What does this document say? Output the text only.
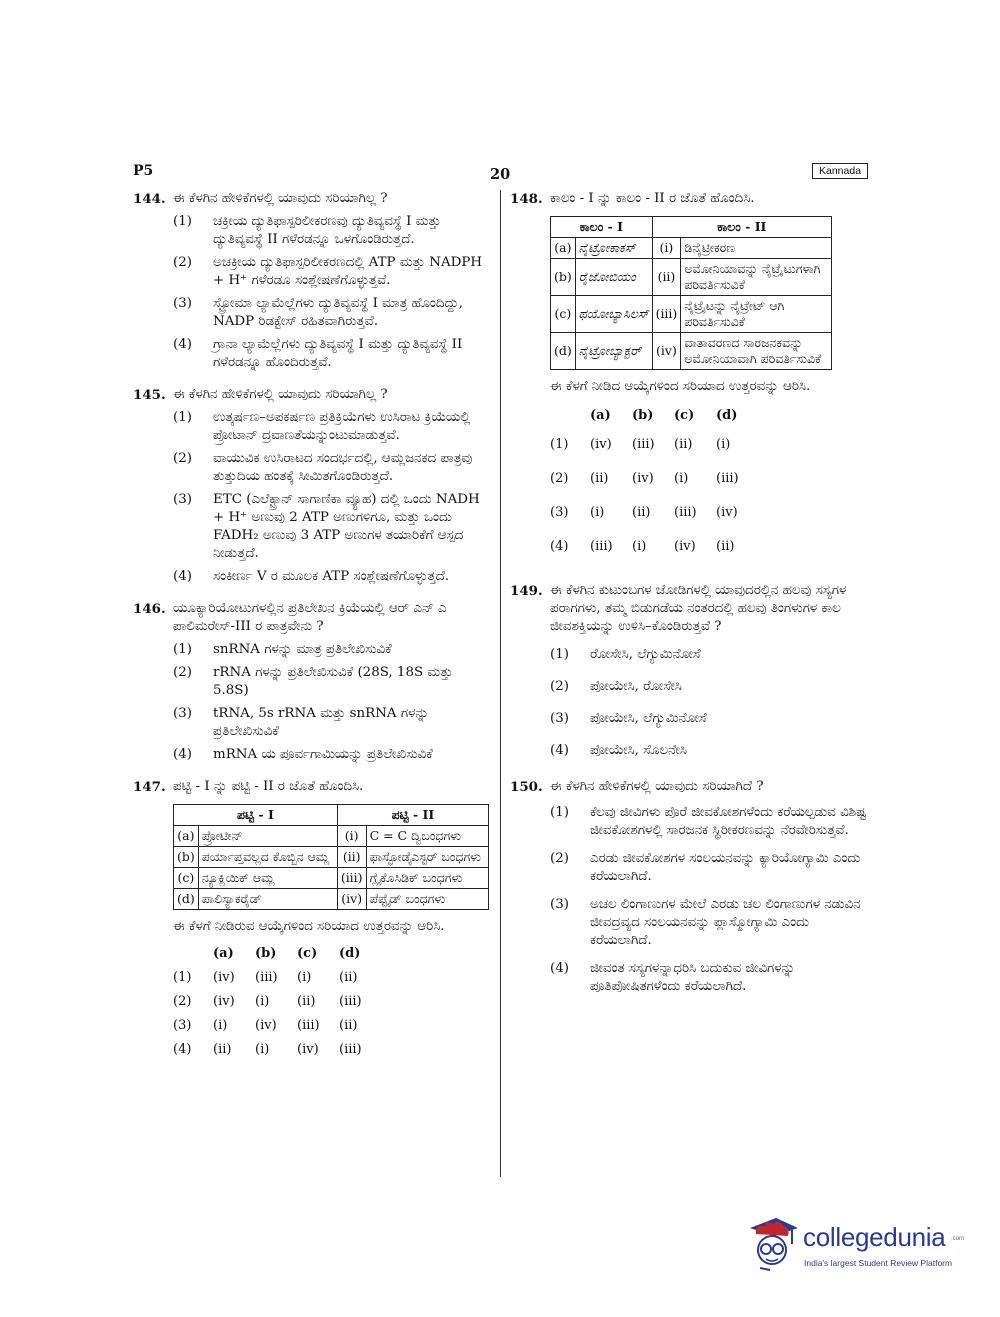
P5	20	Kannada
144. ಈ ಕೆಳಗಿನ ಹೇಳಿಕೆಗಳಲ್ಲಿ ಯಾವುದು ಸರಿಯಾಗಿಲ್ಲ ?
(1) ಚಕ್ರೀಯ ದ್ಯುತಿಫಾಸ್ಪರಿಲೀಕರಣವು ದ್ಯುತಿವ್ಯವಸ್ಥೆ I ಮತ್ತು ದ್ಯುತಿವ್ಯವಸ್ಥೆ II ಗಳೆರಡನ್ನೂ ಒಳಗೊಂಡಿರುತ್ತದೆ.
(2) ಅಚಕ್ರೀಯ ದ್ಯುತಿಫಾಸ್ಪರಿಲೀಕರಣದಲ್ಲಿ ATP ಮತ್ತು NADPH + H⁺ ಗಳೆರಡೂ ಸಂಶ್ಲೇಷಣೆಗೊಳ್ಳುತ್ತವೆ.
(3) ಸ್ಟ್ರೋಮಾ ಲ್ಯಾಮೆಲ್ಲೆಗಳು ದ್ಯುತಿವ್ಯವಸ್ಥೆ I ಮಾತ್ರ ಹೊಂದಿದ್ದು, NADP ರಿಡಕ್ಟೇಸ್ ರಹಿತವಾಗಿರುತ್ತವೆ.
(4) ಗ್ರಾನಾ ಲ್ಯಾಮೆಲ್ಲೆಗಳು ದ್ಯುತಿವ್ಯವಸ್ಥೆ I ಮತ್ತು ದ್ಯುತಿವ್ಯವಸ್ಥೆ II ಗಳೆರಡನ್ನೂ ಹೊಂದಿರುತ್ತವೆ.
145. ಈ ಕೆಳಗಿನ ಹೇಳಿಕೆಗಳಲ್ಲಿ ಯಾವುದು ಸರಿಯಾಗಿಲ್ಲ ?
(1) ಉತ್ಕರ್ಷಣ–ಅಪಕರ್ಷಣ ಪ್ರತಿಕ್ರಿಯೆಗಳು ಉಸಿರಾಟ ಕ್ರಿಯೆಯಲ್ಲಿ ಪ್ರೋಟಾನ್ ದ್ರವಾಣತೆಯನ್ನುಂಟುಮಾಡುತ್ತವೆ.
(2) ವಾಯುವಿಕ ಉಸಿರಾಟದ ಸಂದರ್ಭದಲ್ಲಿ, ಆಮ್ಲಜನಕದ ಪಾತ್ರವು ತುತ್ತುದಿಯ ಹಂತಕ್ಕೆ ಸೀಮಿತಗೊಂಡಿರುತ್ತದೆ.
(3) ETC (ಎಲೆಕ್ಟ್ರಾನ್ ಸಾಗಾಣಿಕಾ ವ್ಯೂಹ) ದಲ್ಲಿ ಒಂದು NADH + H⁺ ಅಣುವು 2 ATP ಅಣುಗಳಿಗೂ, ಮತ್ತು ಒಂದು FADH₂ ಅಣುವು 3 ATP ಅಣುಗಳ ತಯಾರಿಕೆಗೆ ಆಸ್ಪದ ನೀಡುತ್ತದೆ.
(4) ಸಂಕೀರ್ಣ V ರ ಮೂಲಕ ATP ಸಂಶ್ಲೇಷಣೆಗೊಳ್ಳುತ್ತದೆ.
146. ಯೂಕ್ಯಾರಿಯೋಟುಗಳಲ್ಲಿನ ಪ್ರತಿಲೇಖನ ಕ್ರಿಯೆಯಲ್ಲಿ ಆರ್ ಎನ್ ಎ ಪಾಲಿಮರೇಸ್-III ರ ಪಾತ್ರವೇನು ?
(1) snRNA ಗಳನ್ನು ಮಾತ್ರ ಪ್ರತಿಲೇಖಿಸುವಿಕೆ
(2) rRNA ಗಳನ್ನು ಪ್ರತಿಲೇಖಿಸುವಿಕೆ (28S, 18S ಮತ್ತು 5.8S)
(3) tRNA, 5s rRNA ಮತ್ತು snRNA ಗಳನ್ನು ಪ್ರತಿಲೇಖಿಸುವಿಕೆ
(4) mRNA ಯ ಪೂರ್ವಗಾಮಿಯನ್ನು ಪ್ರತಿಲೇಖಿಸುವಿಕೆ
147. ಪಟ್ಟಿ - I ನ್ನು ಪಟ್ಟಿ - II ರ ಜೊತೆ ಹೊಂದಿಸಿ.
ಪಟ್ಟಿ - I		ಪಟ್ಟಿ - II	
(a)	ಪ್ರೋಟೀನ್	(i)	C = C ದ್ವಿಬಂಧಗಳು
(b)	ಪರ್ಯಾಪ್ತವಲ್ಲದ ಕೊಬ್ಬಿನ ಆಮ್ಲ	(ii)	ಫಾಸ್ಫೋಡೈಎಸ್ಟರ್ ಬಂಧಗಳು
(c)	ನ್ಯೂಕ್ಲಿಯಿಕ್ ಆಮ್ಲ	(iii)	ಗ್ಲೈಕೊಸಿಡಿಕ್ ಬಂಧಗಳು
(d)	ಪಾಲಿಸ್ಯಾಕರೈಡ್	(iv)	ಪೆಪ್ಟೈಡ್ ಬಂಧಗಳು
ಈ ಕೆಳಗೆ ನೀಡಿರುವ ಆಯ್ಕೆಗಳಿಂದ ಸರಿಯಾದ ಉತ್ತರವನ್ನು ಆರಿಸಿ.
	(a)	(b)	(c)	(d)
(1)	(iv)	(iii)	(i)	(ii)
(2)	(iv)	(i)	(ii)	(iii)
(3)	(i)	(iv)	(iii)	(ii)
(4)	(ii)	(i)	(iv)	(iii)
148. ಕಾಲಂ - I ನ್ನು ಕಾಲಂ - II ರ ಜೊತೆ ಹೊಂದಿಸಿ.
ಕಾಲಂ - I		ಕಾಲಂ - II	
(a)	ನೈಟ್ರೋಕಾಕಸ್	(i)	ಡಿನೈಟ್ರೀಕರಣ
(b)	ರೈಜೋಬಿಯಂ	(ii)	ಅಮೋನಿಯಾವನ್ನು ನೈಟ್ರೈಟುಗಳಾಗಿ ಪರಿವರ್ತಿಸುವಿಕೆ
(c)	ಥಯೋಬ್ಯಾಸಿಲಸ್	(iii)	ನೈಟ್ರೈಟನ್ನು ನೈಟ್ರೇಟ್ ಆಗಿ ಪರಿವರ್ತಿಸುವಿಕೆ
(d)	ನೈಟ್ರೋಬ್ಯಾಕ್ಟರ್	(iv)	ವಾತಾವರಣದ ಸಾರಜನಕವನ್ನು ಅಮೋನಿಯಾವಾಗಿ ಪರಿವರ್ತಿಸುವಿಕೆ
ಈ ಕೆಳಗೆ ನೀಡಿದ ಆಯ್ಕೆಗಳಿಂದ ಸರಿಯಾದ ಉತ್ತರವನ್ನು ಆರಿಸಿ.
	(a)	(b)	(c)	(d)
(1)	(iv)	(iii)	(ii)	(i)
(2)	(ii)	(iv)	(i)	(iii)
(3)	(i)	(ii)	(iii)	(iv)
(4)	(iii)	(i)	(iv)	(ii)
149. ಈ ಕೆಳಗಿನ ಕುಟುಂಬಗಳ ಜೋಡಿಗಳಲ್ಲಿ ಯಾವುದರಲ್ಲಿನ ಹಲವು ಸಸ್ಯಗಳ ಪರಾಗಗಳು, ತಮ್ಮ ಬಿಡುಗಡೆಯ ನಂತರದಲ್ಲಿ ಹಲವು ತಿಂಗಳುಗಳ ಕಾಲ ಜೀವಶಕ್ತಿಯನ್ನು ಉಳಿಸಿ–ಕೊಂಡಿರುತ್ತವೆ ?
(1) ರೋಸೇಸಿ, ಲೆಗ್ಯುಮಿನೋಸೆ
(2) ಪೋಯೇಸಿ, ರೋಸೇಸಿ
(3) ಪೋಯೇಸಿ, ಲೆಗ್ಯುಮಿನೋಸೆ
(4) ಪೋಯೇಸಿ, ಸೊಲನೇಸಿ
150. ಈ ಕೆಳಗಿನ ಹೇಳಿಕೆಗಳಲ್ಲಿ ಯಾವುದು ಸರಿಯಾಗಿದೆ ?
(1) ಕೆಲವು ಜೀವಿಗಳು ಪೊರೆ ಜೀವಕೋಶಗಳೆಂದು ಕರೆಯಲ್ಪಡುವ ವಿಶಿಷ್ಟ ಜೀವಕೋಶಗಳಲ್ಲಿ ಸಾರಜನಕ ಸ್ಥಿರೀಕರಣವನ್ನು ನೆರವೇರಿಸುತ್ತವೆ.
(2) ಎರಡು ಜೀವಕೋಶಗಳ ಸಂಲಯನವನ್ನು ಕ್ಯಾರಿಯೋಗ್ಯಾಮಿ ಎಂದು ಕರೆಯಲಾಗಿದೆ.
(3) ಅಚಲ ಲಿಂಗಾಣುಗಳ ಮೇಲೆ ಎರಡು ಚಲ ಲಿಂಗಾಣುಗಳ ನಡುವಿನ ಜೀವದ್ರವ್ಯದ ಸಂಲಯನವನ್ನು ಪ್ಲಾಸ್ಮೋಗ್ಯಾಮಿ ಎಂದು ಕರೆಯಲಾಗಿದೆ.
(4) ಜೀವಂತ ಸಸ್ಯಗಳನ್ನಾಧರಿಸಿ ಬದುಕುವ ಜೀವಿಗಳನ್ನು ಪೂತಿಪೋಷಿತಗಳೆಂದು ಕರೆಯಲಾಗಿದೆ.
collegedunia .com
India's largest Student Review Platform
